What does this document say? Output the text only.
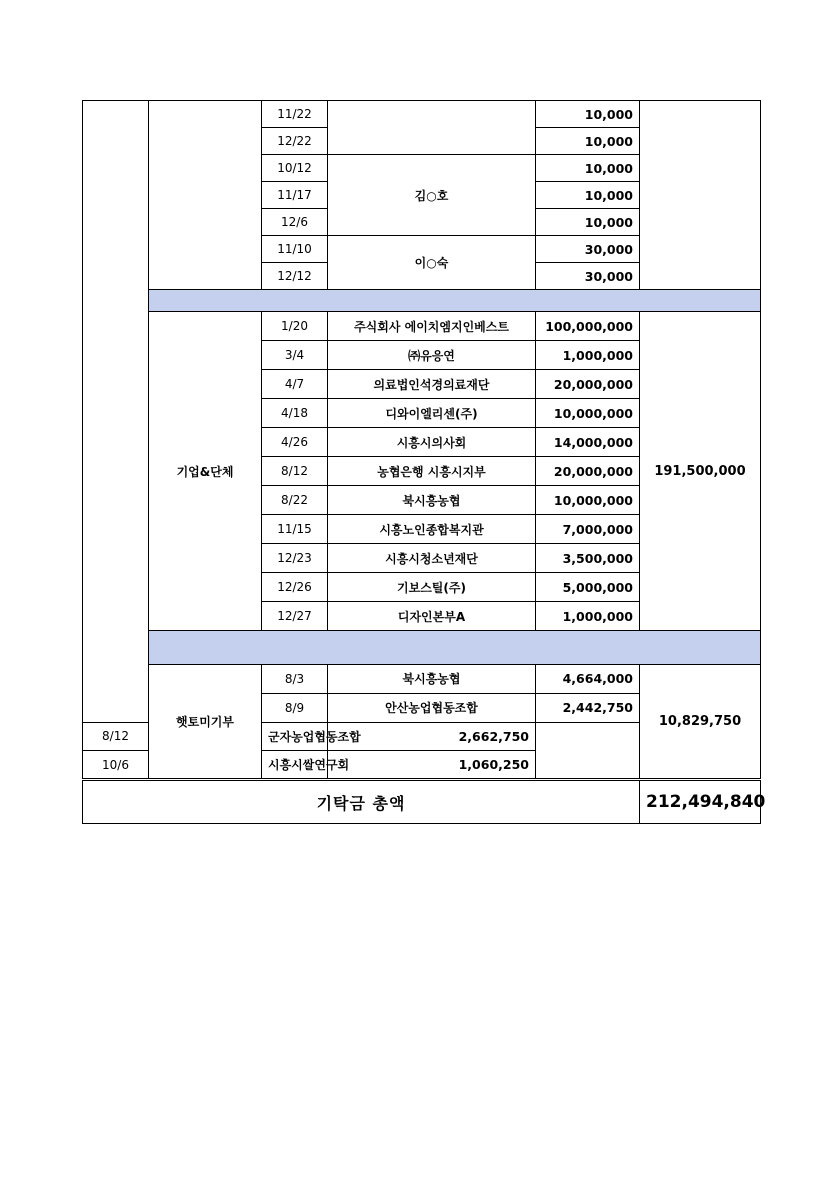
		11/22		10,000	
		12/22		10,000	
		10/12	김○호	10,000	
		11/17		10,000	
		12/6		10,000	
		11/10	이○숙	30,000	
		12/12		30,000	

	기업&단체	1/20	주식회사 에이치엠지인베스트	100,000,000	191,500,000
		3/4	㈜유응연	1,000,000	
		4/7	의료법인석경의료재단	20,000,000	
		4/18	디와이엘리센(주)	10,000,000	
		4/26	시흥시의사회	14,000,000	
		8/12	농협은행 시흥시지부	20,000,000	
		8/22	북시흥농협	10,000,000	
		11/15	시흥노인종합복지관	7,000,000	
		12/23	시흥시청소년재단	3,500,000	
		12/26	기보스틸(주)	5,000,000	
		12/27	디자인본부A	1,000,000	

	햇토미기부	8/3	북시흥농협	4,664,000	10,829,750
		8/9	안산농업협동조합	2,442,750	
8/12		군자농업협동조합	2,662,750		
10/6		시흥시쌀연구회	1,060,250		
기탁금 총액					212,494,840
